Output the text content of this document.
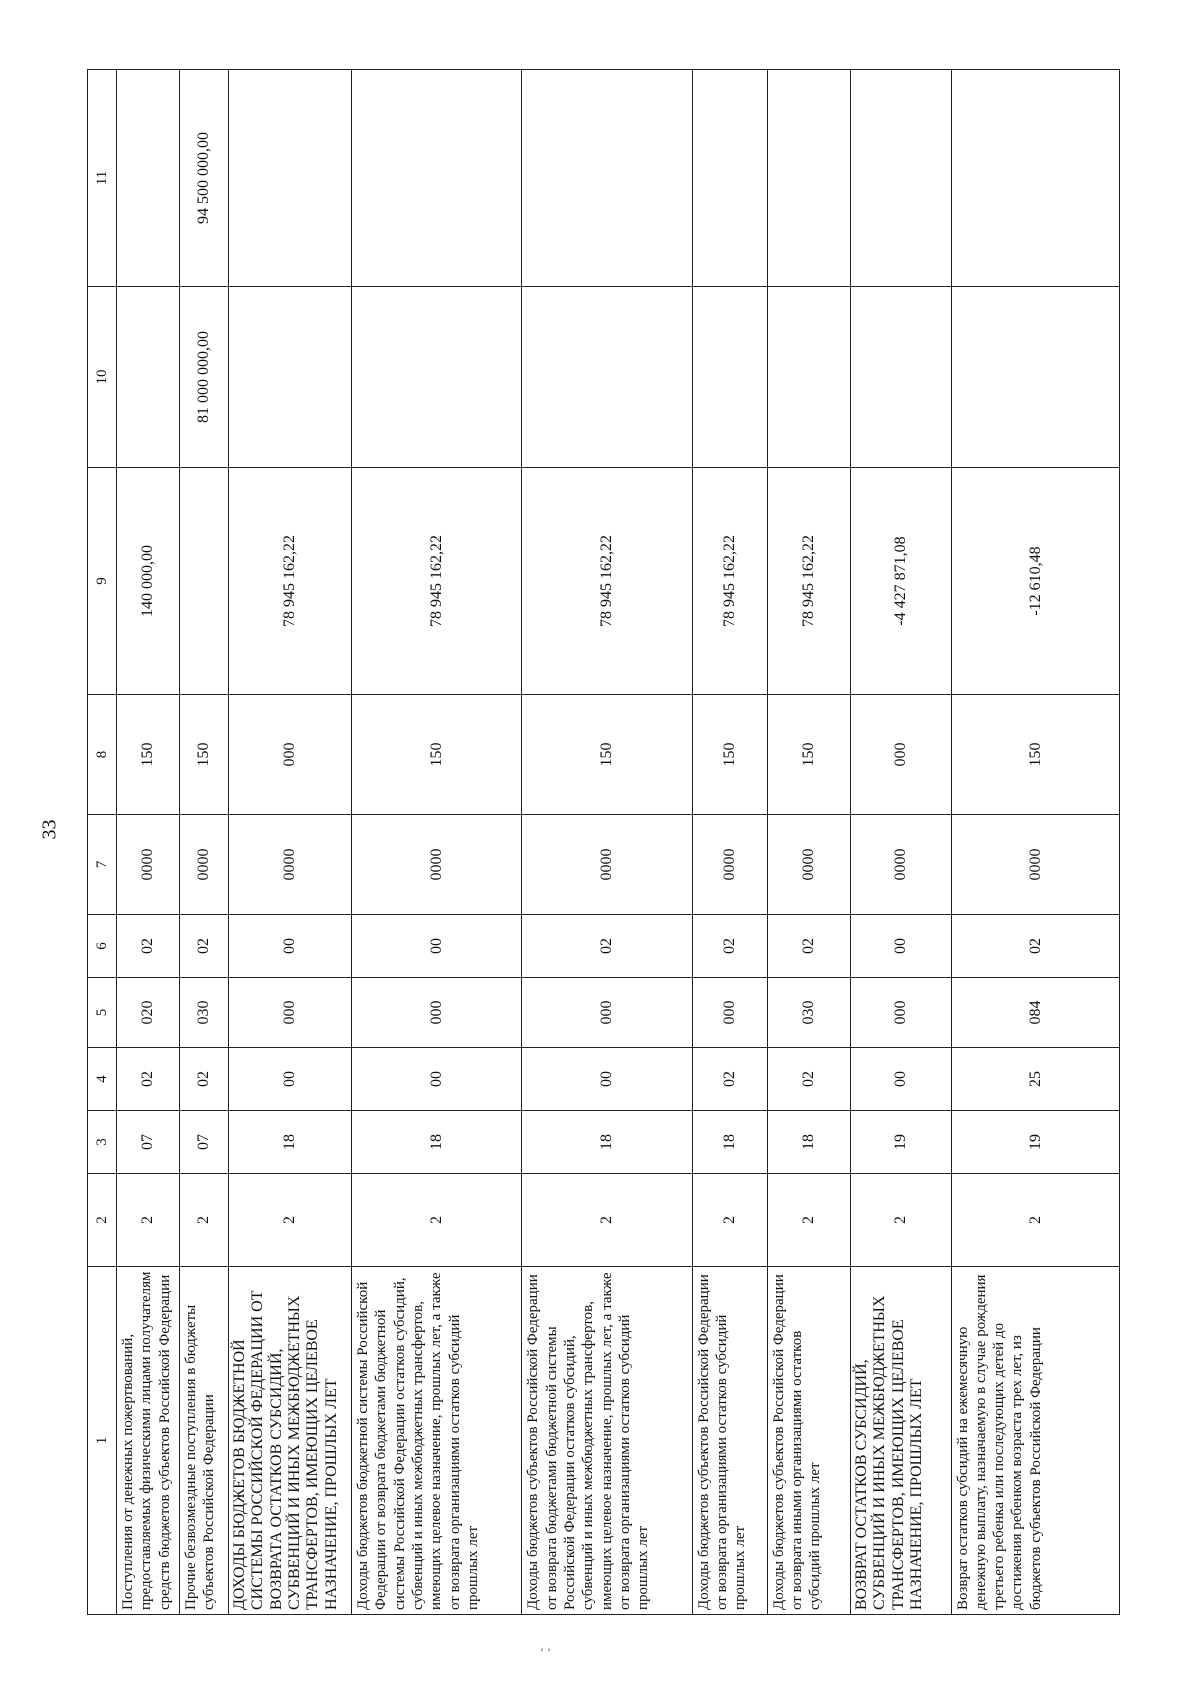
33
1	2	3	4	5	6	7	8	9	10	11
Поступления от денежных пожертвований, предоставляемых физическими лицами получателям средств бюджетов субъектов Российской Федерации	2	07	02	020	02	0000	150	140 000,00		
Прочие безвозмездные поступления в бюджеты субъектов Российской Федерации	2	07	02	030	02	0000	150		81 000 000,00	94 500 000,00
ДОХОДЫ БЮДЖЕТОВ БЮДЖЕТНОЙ СИСТЕМЫ РОССИЙСКОЙ ФЕДЕРАЦИИ ОТ ВОЗВРАТА ОСТАТКОВ СУБСИДИЙ, СУБВЕНЦИЙ И ИНЫХ МЕЖБЮДЖЕТНЫХ ТРАНСФЕРТОВ, ИМЕЮЩИХ ЦЕЛЕВОЕ НАЗНАЧЕНИЕ, ПРОШЛЫХ ЛЕТ	2	18	00	000	00	0000	000	78 945 162,22		
Доходы бюджетов бюджетной системы Российской Федерации от возврата бюджетами бюджетной системы Российской Федерации остатков субсидий, субвенций и иных межбюджетных трансфертов, имеющих целевое назначение, прошлых лет, а также от возврата организациями остатков субсидий прошлых лет	2	18	00	000	00	0000	150	78 945 162,22		
Доходы бюджетов субъектов Российской Федерации от возврата бюджетами бюджетной системы Российской Федерации остатков субсидий, субвенций и иных межбюджетных трансфертов, имеющих целевое назначение, прошлых лет, а также от возврата организациями остатков субсидий прошлых лет	2	18	00	000	02	0000	150	78 945 162,22		
Доходы бюджетов субъектов Российской Федерации от возврата организациями остатков субсидий прошлых лет	2	18	02	000	02	0000	150	78 945 162,22		
Доходы бюджетов субъектов Российской Федерации от возврата иными организациями остатков субсидий прошлых лет	2	18	02	030	02	0000	150	78 945 162,22		
ВОЗВРАТ ОСТАТКОВ СУБСИДИЙ, СУБВЕНЦИЙ И ИНЫХ МЕЖБЮДЖЕТНЫХ ТРАНСФЕРТОВ, ИМЕЮЩИХ ЦЕЛЕВОЕ НАЗНАЧЕНИЕ, ПРОШЛЫХ ЛЕТ	2	19	00	000	00	0000	000	-4 427 871,08		
Возврат остатков субсидий на ежемесячную денежную выплату, назначаемую в случае рождения третьего ребенка или последующих детей до достижения ребенком возраста трех лет, из бюджетов субъектов Российской Федерации	2	19	25	084	02	0000	150	-12 610,48		
‘ ’
